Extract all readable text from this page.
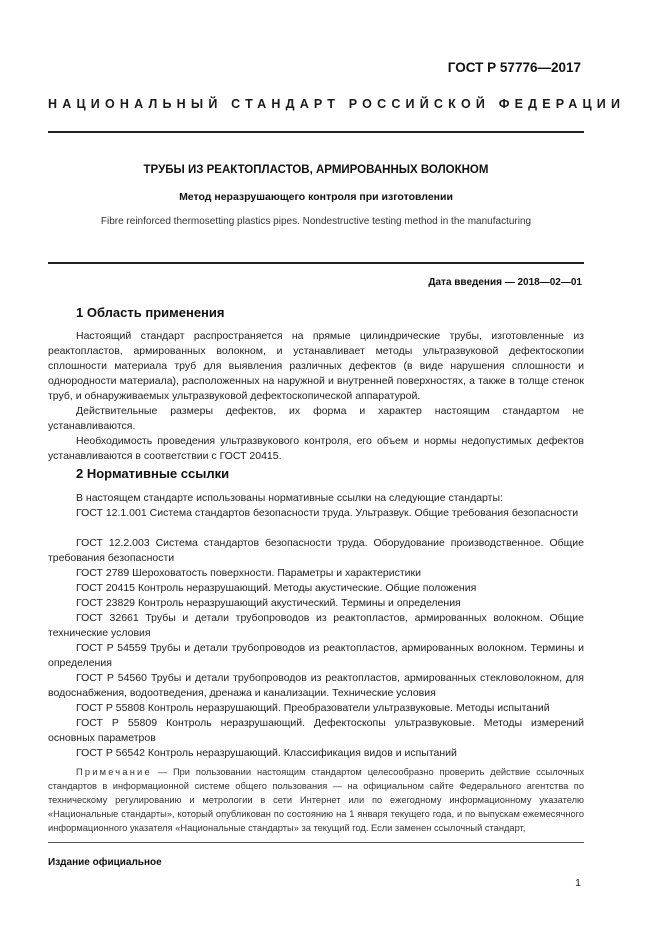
ГОСТ Р 57776—2017
НАЦИОНАЛЬНЫЙ СТАНДАРТ РОССИЙСКОЙ ФЕДЕРАЦИИ
ТРУБЫ ИЗ РЕАКТОПЛАСТОВ, АРМИРОВАННЫХ ВОЛОКНОМ
Метод неразрушающего контроля при изготовлении
Fibre reinforced thermosetting plastics pipes. Nondestructive testing method in the manufacturing
Дата введения — 2018—02—01
1 Область применения
Настоящий стандарт распространяется на прямые цилиндрические трубы, изготовленные из реактопластов, армированных волокном, и устанавливает методы ультразвуковой дефектоскопии сплошности материала труб для выявления различных дефектов (в виде нарушения сплошности и однородности материала), расположенных на наружной и внутренней поверхностях, а также в толще стенок труб, и обнаруживаемых ультразвуковой дефектоскопической аппаратурой.
Действительные размеры дефектов, их форма и характер настоящим стандартом не устанавливаются.
Необходимость проведения ультразвукового контроля, его объем и нормы недопустимых дефектов устанавливаются в соответствии с ГОСТ 20415.
2 Нормативные ссылки
В настоящем стандарте использованы нормативные ссылки на следующие стандарты:
ГОСТ 12.1.001 Система стандартов безопасности труда. Ультразвук. Общие требования безопасности
ГОСТ 12.2.003 Система стандартов безопасности труда. Оборудование производственное. Общие требования безопасности
ГОСТ 2789 Шероховатость поверхности. Параметры и характеристики
ГОСТ 20415 Контроль неразрушающий. Методы акустические. Общие положения
ГОСТ 23829 Контроль неразрушающий акустический. Термины и определения
ГОСТ 32661 Трубы и детали трубопроводов из реактопластов, армированных волокном. Общие технические условия
ГОСТ Р 54559 Трубы и детали трубопроводов из реактопластов, армированных волокном. Термины и определения
ГОСТ Р 54560 Трубы и детали трубопроводов из реактопластов, армированных стекловолокном, для водоснабжения, водоотведения, дренажа и канализации. Технические условия
ГОСТ Р 55808 Контроль неразрушающий. Преобразователи ультразвуковые. Методы испытаний
ГОСТ Р 55809 Контроль неразрушающий. Дефектоскопы ультразвуковые. Методы измерений основных параметров
ГОСТ Р 56542 Контроль неразрушающий. Классификация видов и испытаний
Примечание — При пользовании настоящим стандартом целесообразно проверить действие ссылочных стандартов в информационной системе общего пользования — на официальном сайте Федерального агентства по техническому регулированию и метрологии в сети Интернет или по ежегодному информационному указателю «Национальные стандарты», который опубликован по состоянию на 1 января текущего года, и по выпускам ежемесячного информационного указателя «Национальные стандарты» за текущий год. Если заменен ссылочный стандарт,
Издание официальное
1
